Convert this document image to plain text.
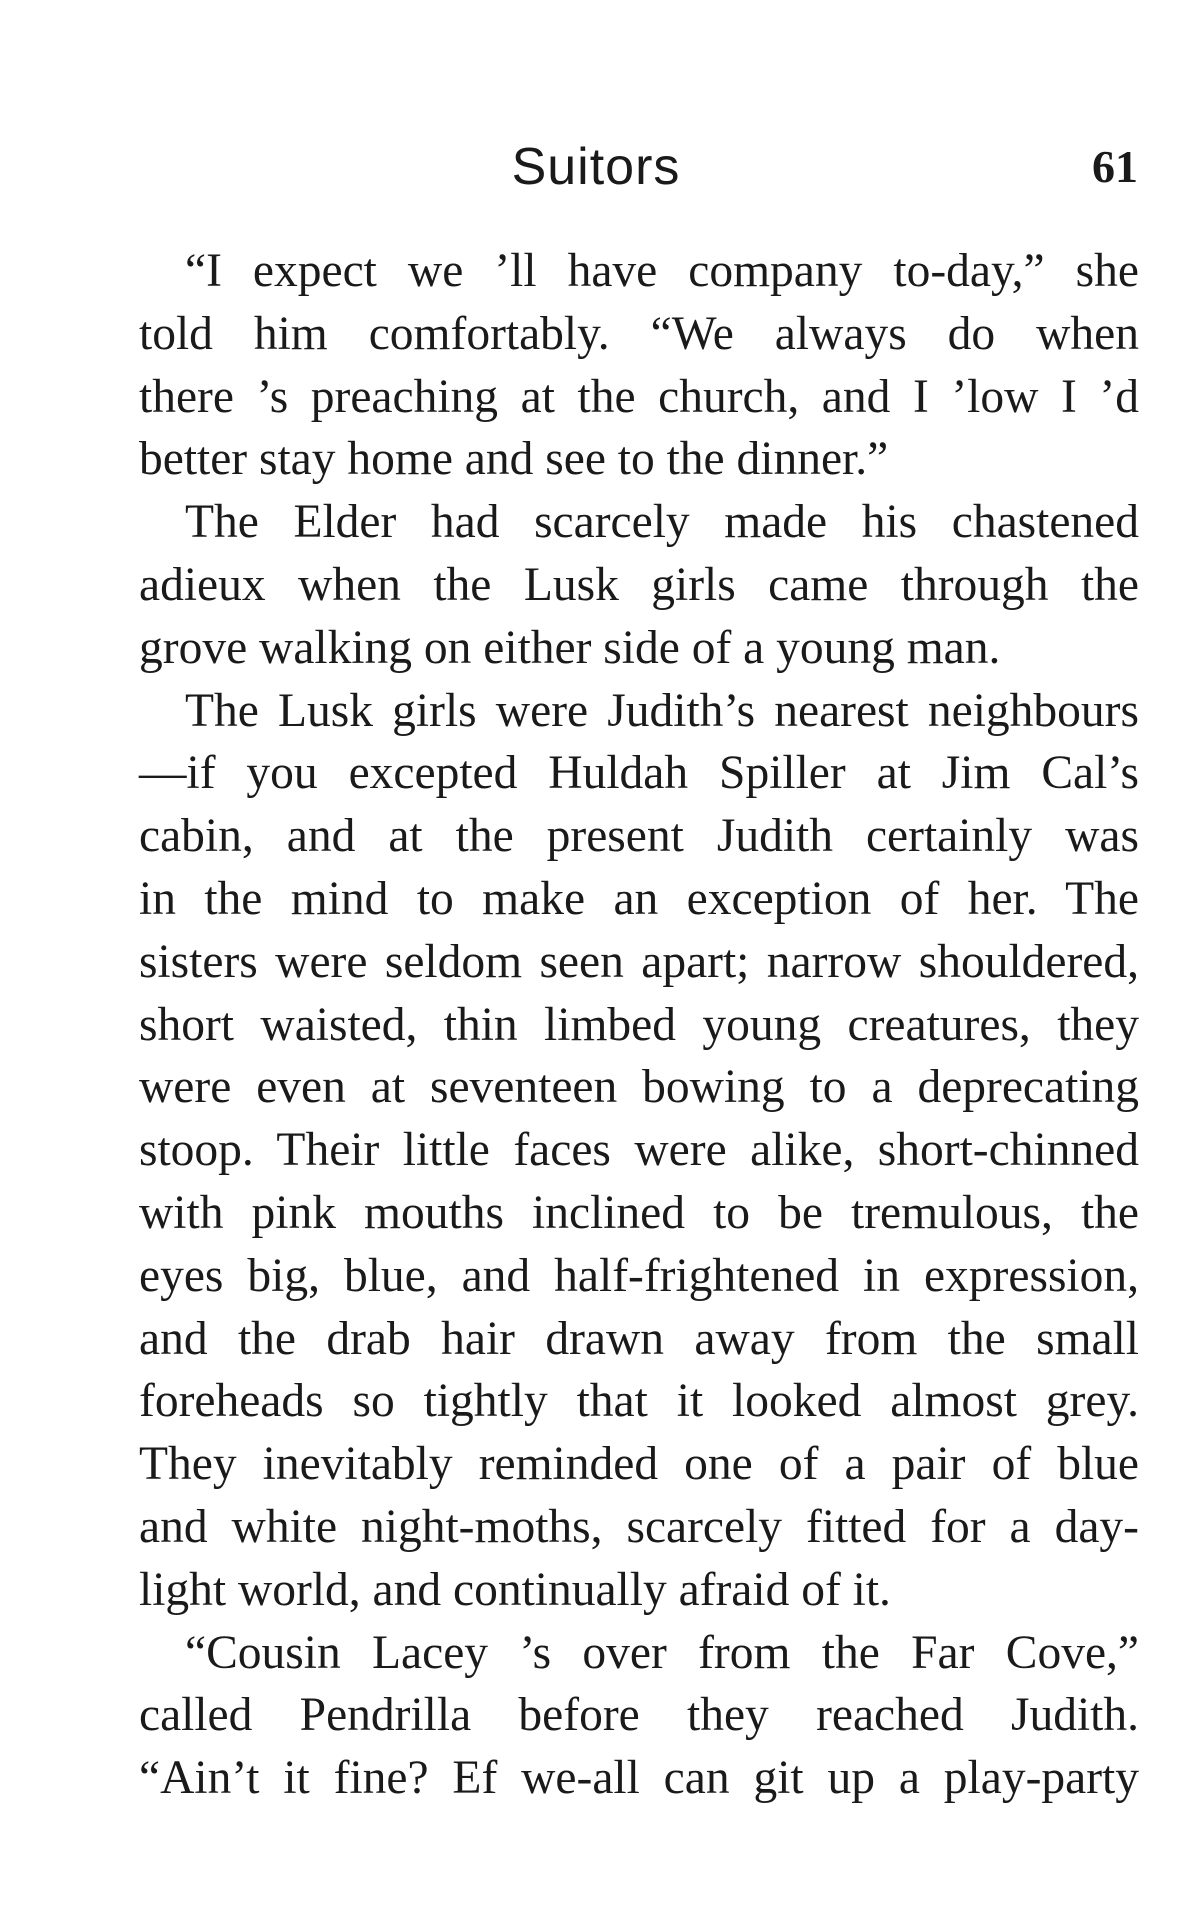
Suitors	61
“I expect we ’ll have company to-day,” she
told him comfortably. “We always do when
there ’s preaching at the church, and I ’low I ’d
better stay home and see to the dinner.”
The Elder had scarcely made his chastened
adieux when the Lusk girls came through the
grove walking on either side of a young man.
The Lusk girls were Judith’s nearest neighbours
—if you excepted Huldah Spiller at Jim Cal’s
cabin, and at the present Judith certainly was
in the mind to make an exception of her. The
sisters were seldom seen apart; narrow shouldered,
short waisted, thin limbed young creatures, they
were even at seventeen bowing to a deprecating
stoop. Their little faces were alike, short-chinned
with pink mouths inclined to be tremulous, the
eyes big, blue, and half-frightened in expression,
and the drab hair drawn away from the small
foreheads so tightly that it looked almost grey.
They inevitably reminded one of a pair of blue
and white night-moths, scarcely fitted for a day-
light world, and continually afraid of it.
“Cousin Lacey ’s over from the Far Cove,”
called Pendrilla before they reached Judith.
“Ain’t it fine? Ef we-all can git up a play-party
